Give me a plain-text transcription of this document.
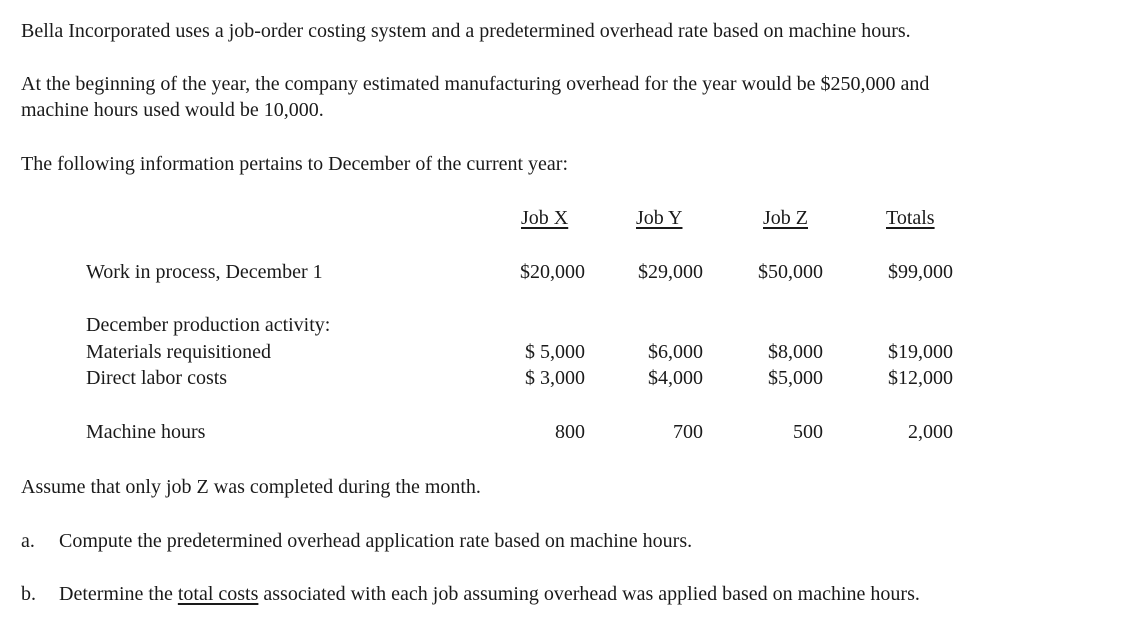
Bella Incorporated uses a job-order costing system and a predetermined overhead rate based on machine hours.
At the beginning of the year, the company estimated manufacturing overhead for the year would be $250,000 and
machine hours used would be 10,000.
The following information pertains to December of the current year:
Job X	Job Y	Job Z	Totals
Work in process, December 1	$20,000	$29,000	$50,000	$99,000
December production activity:
Materials requisitioned	$ 5,000	$6,000	$8,000	$19,000
Direct labor costs	$ 3,000	$4,000	$5,000	$12,000
Machine hours	800	700	500	2,000
Assume that only job Z was completed during the month.
a. Compute the predetermined overhead application rate based on machine hours.
b. Determine the total costs associated with each job assuming overhead was applied based on machine hours.
